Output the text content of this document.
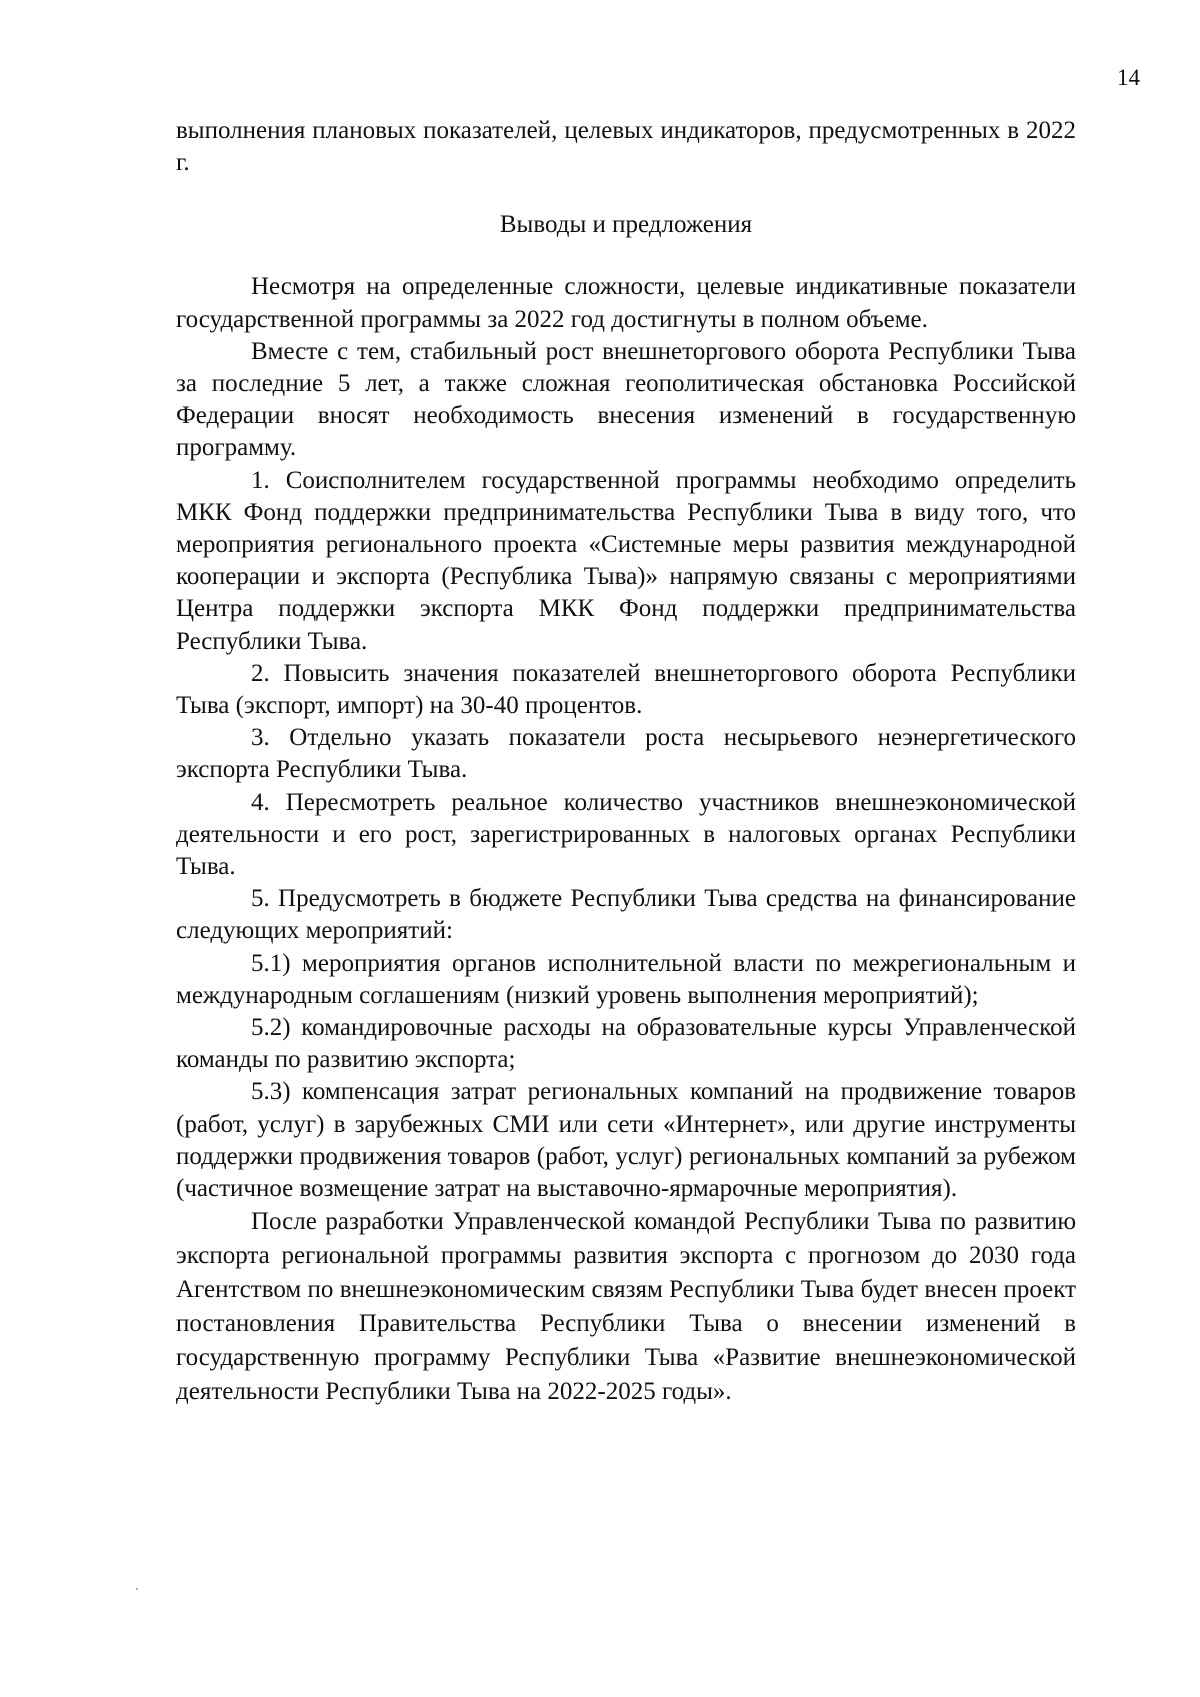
14

выполнения плановых показателей, целевых индикаторов, предусмотренных в 2022 г.

Выводы и предложения

Несмотря на определенные сложности, целевые индикативные показатели государственной программы за 2022 год достигнуты в полном объеме.

Вместе с тем, стабильный рост внешнеторгового оборота Республики Тыва за последние 5 лет, а также сложная геополитическая обстановка Российской Федерации вносят необходимость внесения изменений в государственную программу.

1. Соисполнителем государственной программы необходимо определить МКК Фонд поддержки предпринимательства Республики Тыва в виду того, что мероприятия регионального проекта «Системные меры развития международной кооперации и экспорта (Республика Тыва)» напрямую связаны с мероприятиями Центра поддержки экспорта МКК Фонд поддержки предпринимательства Республики Тыва.

2. Повысить значения показателей внешнеторгового оборота Республики Тыва (экспорт, импорт) на 30-40 процентов.

3. Отдельно указать показатели роста несырьевого неэнергетического экспорта Республики Тыва.

4. Пересмотреть реальное количество участников внешнеэкономической деятельности и его рост, зарегистрированных в налоговых органах Республики Тыва.

5. Предусмотреть в бюджете Республики Тыва средства на финансирование следующих мероприятий:

5.1) мероприятия органов исполнительной власти по межрегиональным и международным соглашениям (низкий уровень выполнения мероприятий);

5.2) командировочные расходы на образовательные курсы Управленческой команды по развитию экспорта;

5.3) компенсация затрат региональных компаний на продвижение товаров (работ, услуг) в зарубежных СМИ или сети «Интернет», или другие инструменты поддержки продвижения товаров (работ, услуг) региональных компаний за рубежом (частичное возмещение затрат на выставочно-ярмарочные мероприятия).

После разработки Управленческой командой Республики Тыва по развитию экспорта региональной программы развития экспорта с прогнозом до 2030 года Агентством по внешнеэкономическим связям Республики Тыва будет внесен проект постановления Правительства Республики Тыва о внесении изменений в государственную программу Республики Тыва «Развитие внешнеэкономической деятельности Республики Тыва на 2022-2025 годы».
